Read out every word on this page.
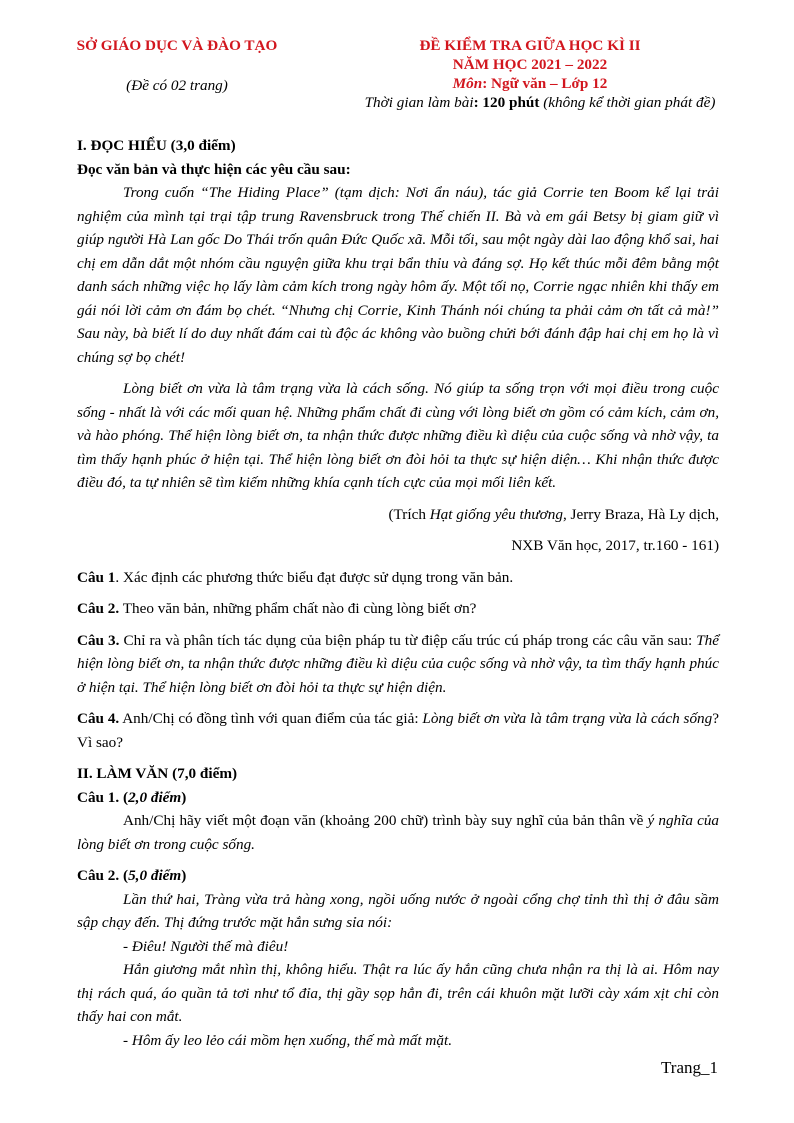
SỞ GIÁO DỤC VÀ ĐÀO TẠO
(Đề có 02 trang)
ĐỀ KIỂM TRA GIỮA HỌC KÌ II
NĂM HỌC 2021 – 2022
Môn: Ngữ văn – Lớp 12
Thời gian làm bài: 120 phút (không kể thời gian phát đề)

I. ĐỌC HIỂU (3,0 điểm)

Đọc văn bản và thực hiện các yêu cầu sau:

Trong cuốn “The Hiding Place” (tạm dịch: Nơi ẩn náu), tác giả Corrie ten Boom kể lại trải nghiệm của mình tại trại tập trung Ravensbruck trong Thế chiến II. Bà và em gái Betsy bị giam giữ vì giúp người Hà Lan gốc Do Thái trốn quân Đức Quốc xã. Mỗi tối, sau một ngày dài lao động khổ sai, hai chị em dẫn dắt một nhóm cầu nguyện giữa khu trại bẩn thỉu và đáng sợ. Họ kết thúc mỗi đêm bằng một danh sách những việc họ lấy làm cảm kích trong ngày hôm ấy. Một tối nọ, Corrie ngạc nhiên khi thấy em gái nói lời cảm ơn đám bọ chét. “Nhưng chị Corrie, Kinh Thánh nói chúng ta phải cảm ơn tất cả mà!” Sau này, bà biết lí do duy nhất đám cai tù độc ác không vào buồng chửi bới đánh đập hai chị em họ là vì chúng sợ bọ chét!

Lòng biết ơn vừa là tâm trạng vừa là cách sống. Nó giúp ta sống trọn với mọi điều trong cuộc sống - nhất là với các mối quan hệ. Những phẩm chất đi cùng với lòng biết ơn gồm có cảm kích, cảm ơn, và hào phóng. Thể hiện lòng biết ơn, ta nhận thức được những điều kì diệu của cuộc sống và nhờ vậy, ta tìm thấy hạnh phúc ở hiện tại. Thể hiện lòng biết ơn đòi hỏi ta thực sự hiện diện… Khi nhận thức được điều đó, ta tự nhiên sẽ tìm kiếm những khía cạnh tích cực của mọi mối liên kết.

(Trích Hạt giống yêu thương, Jerry Braza, Hà Ly dịch,

NXB Văn học, 2017, tr.160 - 161)

Câu 1. Xác định các phương thức biểu đạt được sử dụng trong văn bản.

Câu 2. Theo văn bản, những phẩm chất nào đi cùng lòng biết ơn?

Câu 3. Chỉ ra và phân tích tác dụng của biện pháp tu từ điệp cấu trúc cú pháp trong các câu văn sau: Thể hiện lòng biết ơn, ta nhận thức được những điều kì diệu của cuộc sống và nhờ vậy, ta tìm thấy hạnh phúc ở hiện tại. Thể hiện lòng biết ơn đòi hỏi ta thực sự hiện diện.

Câu 4. Anh/Chị có đồng tình với quan điểm của tác giả: Lòng biết ơn vừa là tâm trạng vừa là cách sống? Vì sao?

II. LÀM VĂN (7,0 điểm)

Câu 1. (2,0 điểm)

Anh/Chị hãy viết một đoạn văn (khoảng 200 chữ) trình bày suy nghĩ của bản thân về ý nghĩa của lòng biết ơn trong cuộc sống.

Câu 2. (5,0 điểm)

Lần thứ hai, Tràng vừa trả hàng xong, ngồi uống nước ở ngoài cổng chợ tỉnh thì thị ở đâu sầm sập chạy đến. Thị đứng trước mặt hắn sưng sỉa nói:

- Điêu! Người thế mà điêu!

Hắn giương mắt nhìn thị, không hiểu. Thật ra lúc ấy hắn cũng chưa nhận ra thị là ai. Hôm nay thị rách quá, áo quần tả tơi như tổ đỉa, thị gầy sọp hẳn đi, trên cái khuôn mặt lưỡi cày xám xịt chỉ còn thấy hai con mắt.

- Hôm ấy leo lẻo cái mồm hẹn xuống, thế mà mất mặt.

Trang_1
